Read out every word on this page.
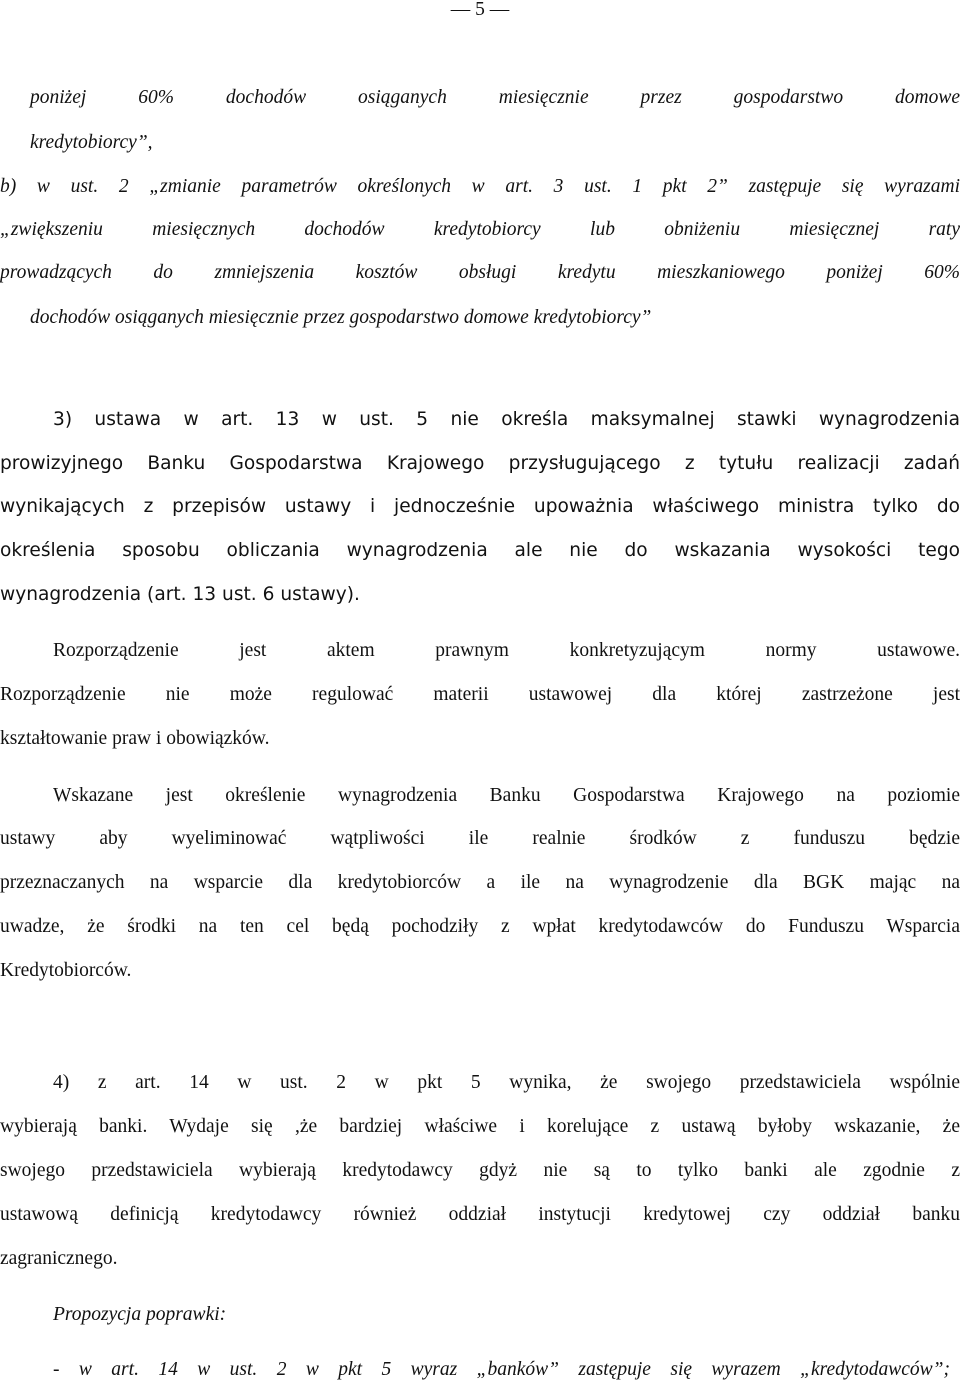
— 5 —
poniżej 60% dochodów osiąganych miesięcznie przez gospodarstwo domowe
kredytobiorcy”,
b) w ust. 2 „zmianie parametrów określonych w art. 3 ust. 1 pkt 2” zastępuje się wyrazami
„zwiększeniu miesięcznych dochodów kredytobiorcy lub obniżeniu miesięcznej raty
prowadzących do zmniejszenia kosztów obsługi kredytu mieszkaniowego poniżej 60%
dochodów osiąganych miesięcznie przez gospodarstwo domowe kredytobiorcy”
3) ustawa w art. 13 w ust. 5 nie określa maksymalnej stawki wynagrodzenia
prowizyjnego Banku Gospodarstwa Krajowego przysługującego z tytułu realizacji zadań
wynikających z przepisów ustawy i jednocześnie upoważnia właściwego ministra tylko do
określenia sposobu obliczania wynagrodzenia ale nie do wskazania wysokości tego
wynagrodzenia (art. 13 ust. 6 ustawy).
Rozporządzenie jest aktem prawnym konkretyzującym normy ustawowe.
Rozporządzenie nie może regulować materii ustawowej dla której zastrzeżone jest
kształtowanie praw i obowiązków.
Wskazane jest określenie wynagrodzenia Banku Gospodarstwa Krajowego na poziomie
ustawy aby wyeliminować wątpliwości ile realnie środków z funduszu będzie
przeznaczanych na wsparcie dla kredytobiorców a ile na wynagrodzenie dla BGK mając na
uwadze, że środki na ten cel będą pochodziły z wpłat kredytodawców do Funduszu Wsparcia
Kredytobiorców.
4) z art. 14 w ust. 2 w pkt 5 wynika, że swojego przedstawiciela wspólnie
wybierają banki. Wydaje się ,że bardziej właściwe i korelujące z ustawą byłoby wskazanie, że
swojego przedstawiciela wybierają kredytodawcy gdyż nie są to tylko banki ale zgodnie z
ustawową definicją kredytodawcy również oddział instytucji kredytowej czy oddział banku
zagranicznego.
Propozycja poprawki:
- w art. 14 w ust. 2 w pkt 5 wyraz „banków” zastępuje się wyrazem „kredytodawców”;
